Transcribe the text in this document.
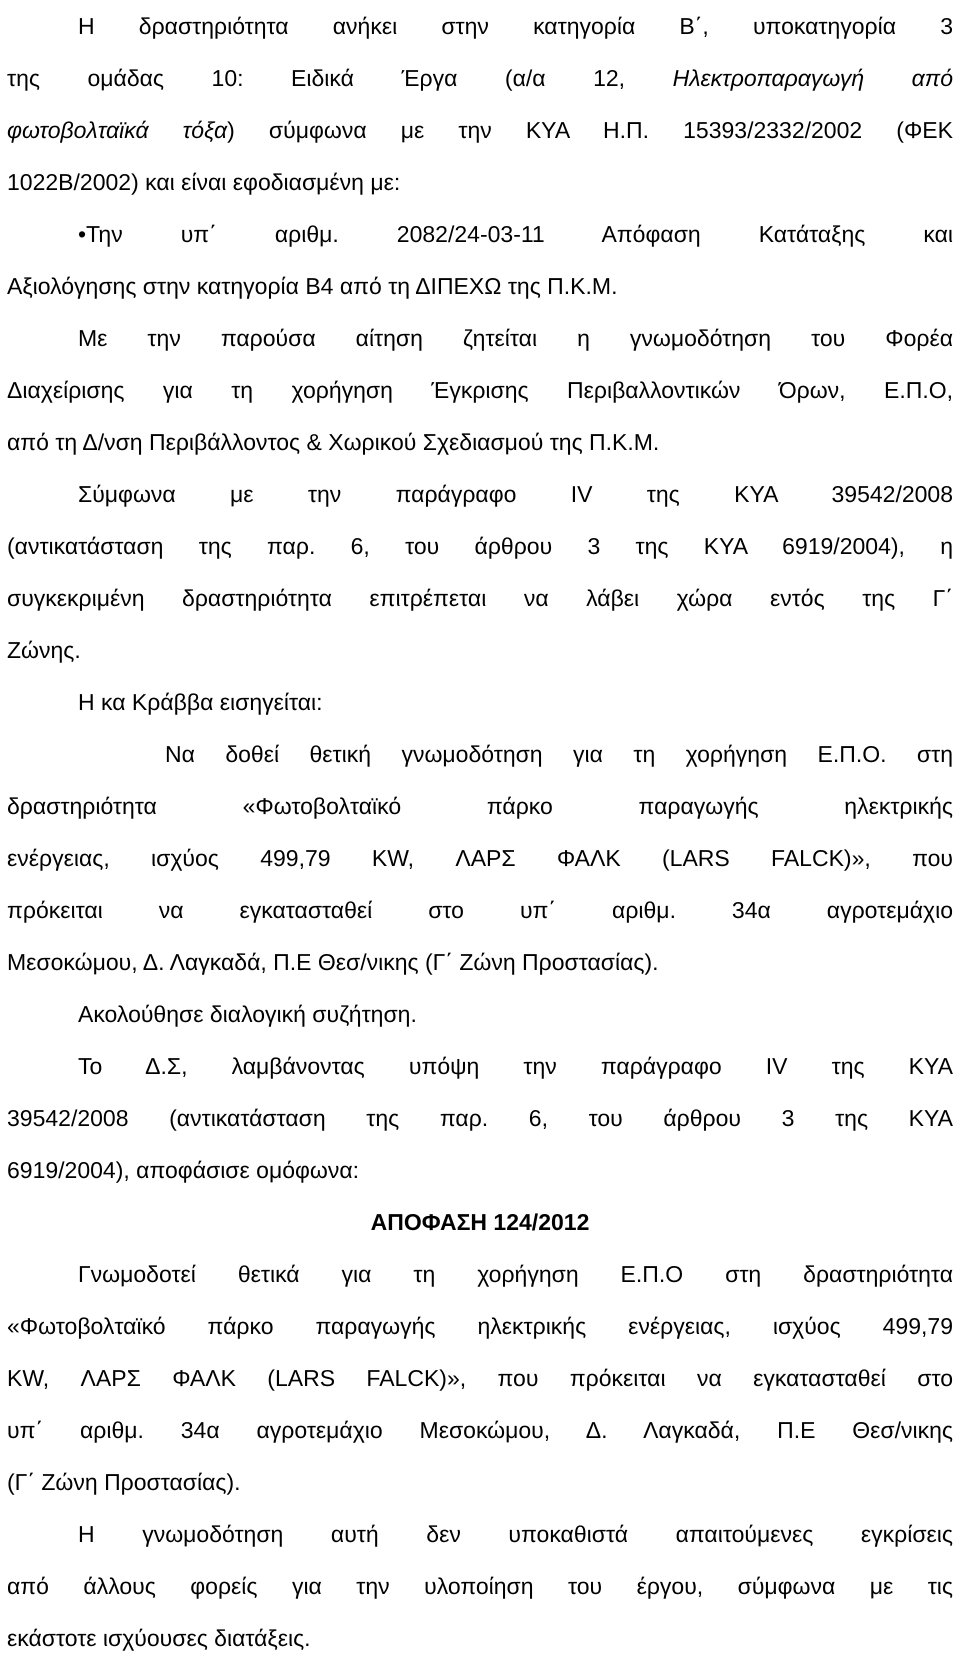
Η δραστηριότητα ανήκει στην κατηγορία Β΄, υποκατηγορία 3
της ομάδας 10: Ειδικά Έργα (α/α 12, Ηλεκτροπαραγωγή από
φωτοβολταϊκά τόξα) σύμφωνα με την ΚΥΑ Η.Π. 15393/2332/2002 (ΦΕΚ
1022Β/2002) και είναι εφοδιασμένη με:
•Την υπ΄ αριθμ. 2082/24-03-11 Απόφαση Κατάταξης και
Αξιολόγησης στην κατηγορία Β4 από τη ΔΙΠΕΧΩ της Π.Κ.Μ.
Με την παρούσα αίτηση ζητείται η γνωμοδότηση του Φορέα
Διαχείρισης για τη χορήγηση Έγκρισης Περιβαλλοντικών Όρων, Ε.Π.Ο,
από τη Δ/νση Περιβάλλοντος & Χωρικού Σχεδιασμού της Π.Κ.Μ.
Σύμφωνα με την παράγραφο IV της ΚΥΑ 39542/2008
(αντικατάσταση της παρ. 6, του άρθρου 3 της ΚΥΑ 6919/2004), η
συγκεκριμένη δραστηριότητα επιτρέπεται να λάβει χώρα εντός της Γ΄
Ζώνης.
Η κα Κράββα εισηγείται:
Να δοθεί θετική γνωμοδότηση για τη χορήγηση Ε.Π.Ο. στη
δραστηριότητα «Φωτοβολταϊκό πάρκο παραγωγής ηλεκτρικής
ενέργειας, ισχύος 499,79 KW, ΛΑΡΣ ΦΑΛΚ (LARS FALCK)», που
πρόκειται να εγκατασταθεί στο υπ΄ αριθμ. 34α αγροτεμάχιο
Μεσοκώμου, Δ. Λαγκαδά, Π.Ε Θεσ/νικης (Γ΄ Ζώνη Προστασίας).
Ακολούθησε διαλογική συζήτηση.
Το Δ.Σ, λαμβάνοντας υπόψη την παράγραφο IV της ΚΥΑ
39542/2008 (αντικατάσταση της παρ. 6, του άρθρου 3 της ΚΥΑ
6919/2004), αποφάσισε ομόφωνα:
ΑΠΟΦΑΣΗ 124/2012
Γνωμοδοτεί θετικά για τη χορήγηση Ε.Π.Ο στη δραστηριότητα
«Φωτοβολταϊκό πάρκο παραγωγής ηλεκτρικής ενέργειας, ισχύος 499,79
KW, ΛΑΡΣ ΦΑΛΚ (LARS FALCK)», που πρόκειται να εγκατασταθεί στο
υπ΄ αριθμ. 34α αγροτεμάχιο Μεσοκώμου, Δ. Λαγκαδά, Π.Ε Θεσ/νικης
(Γ΄ Ζώνη Προστασίας).
Η γνωμοδότηση αυτή δεν υποκαθιστά απαιτούμενες εγκρίσεις
από άλλους φορείς για την υλοποίηση του έργου, σύμφωνα με τις
εκάστοτε ισχύουσες διατάξεις.
